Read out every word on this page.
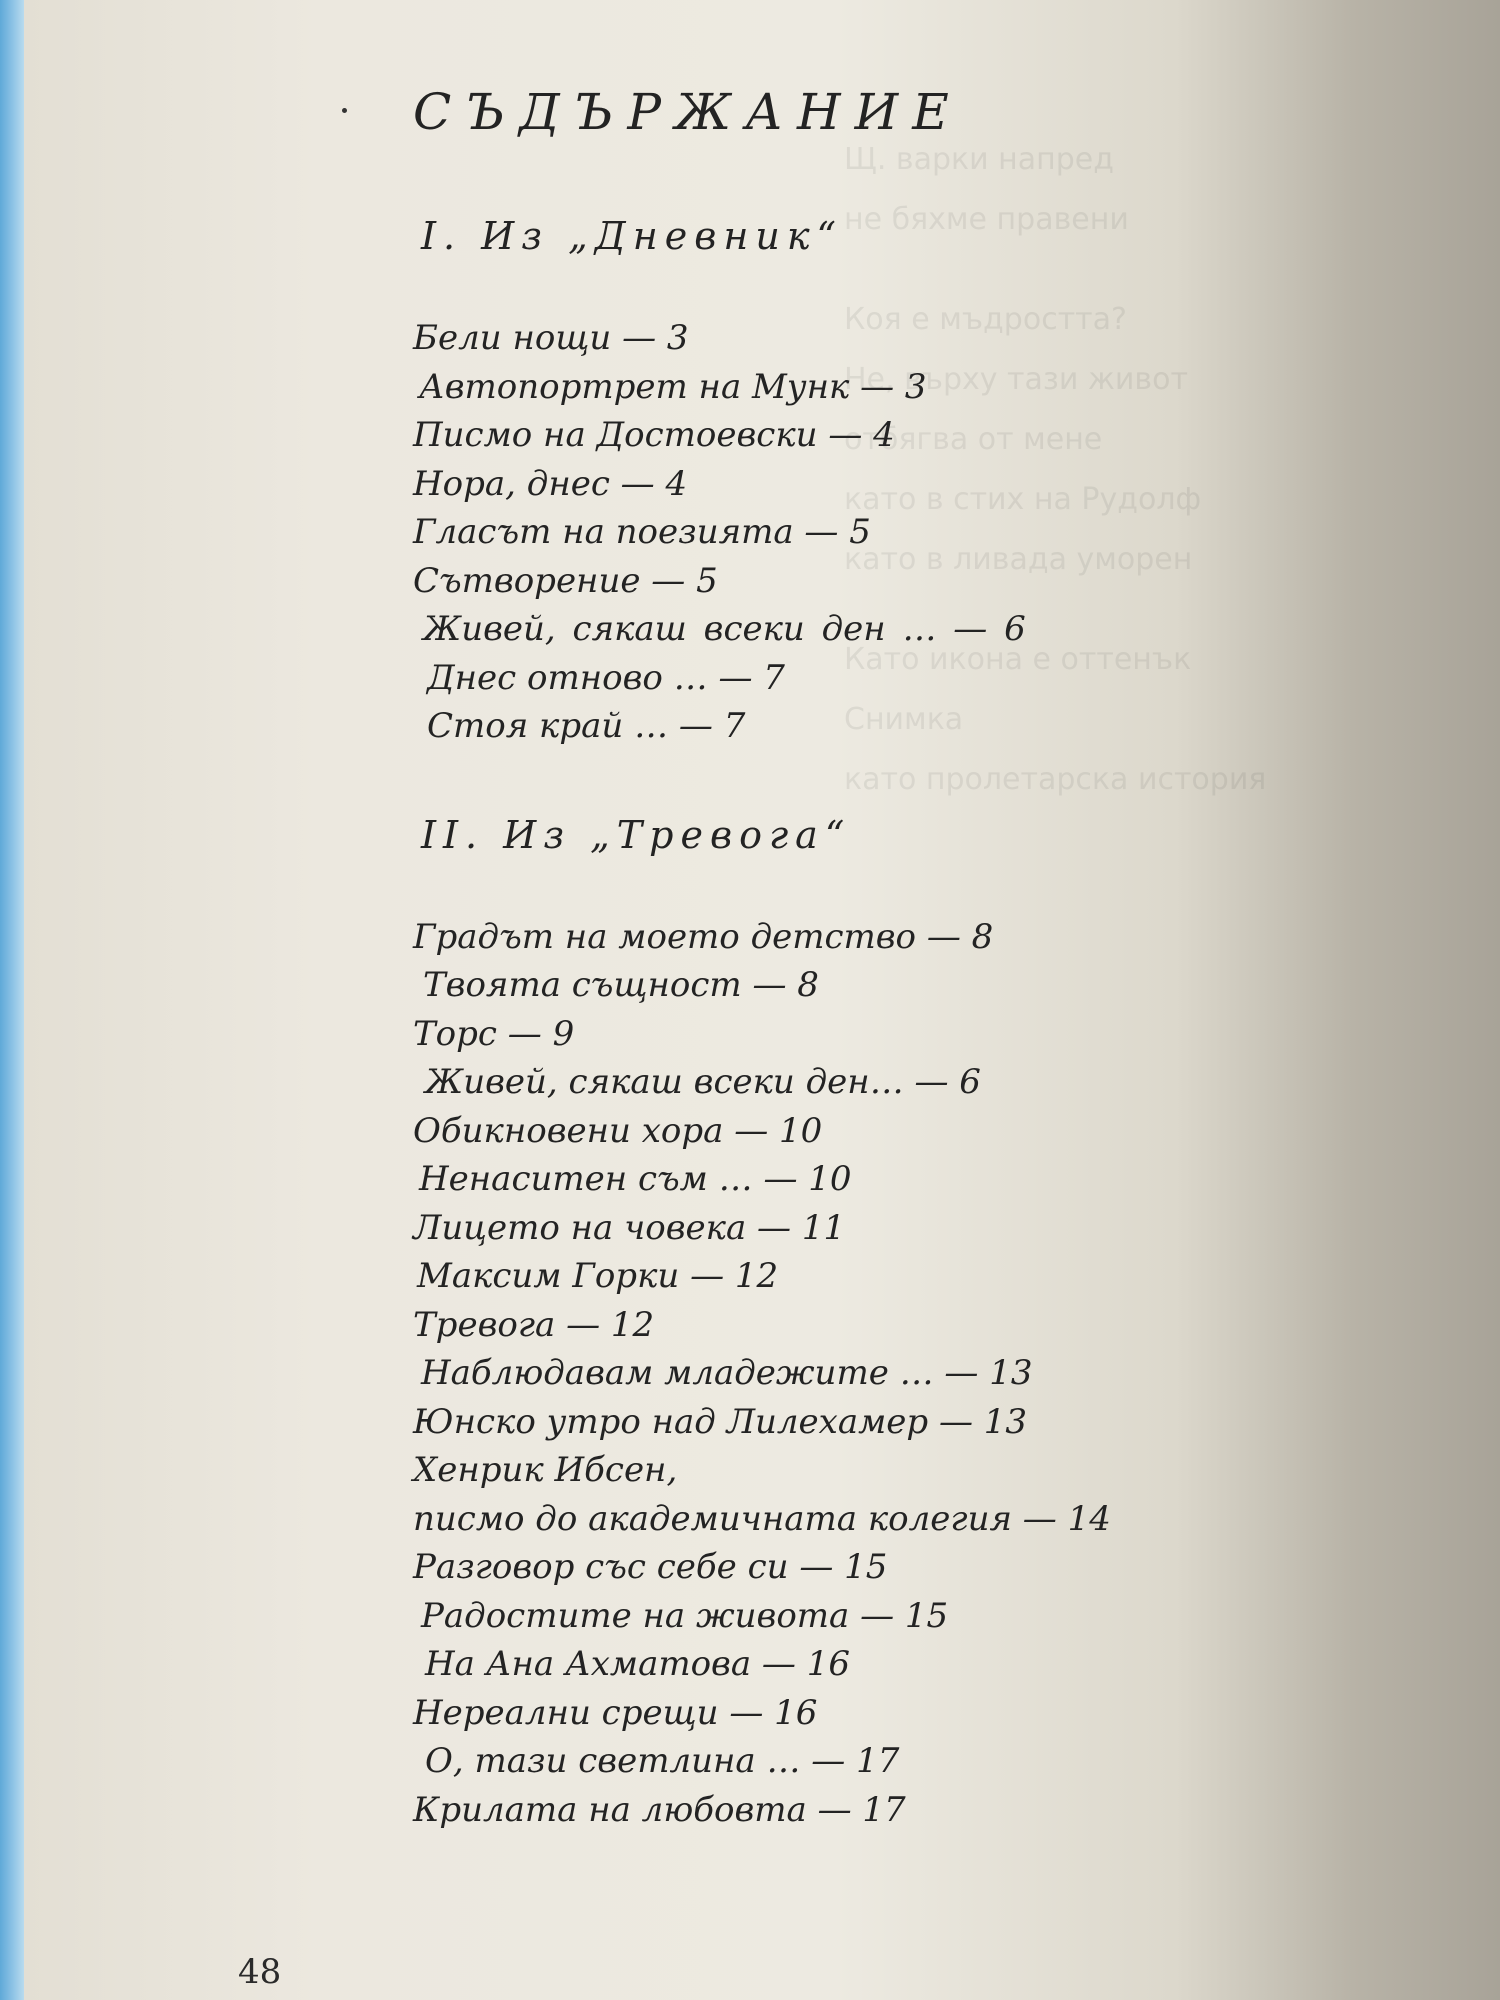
Щ. варки напред
не бяхме правени
Коя е мъдростта?
Не, върху тази живот
отбягва от мене
като в стих на Рудолф
като в ливада уморен
Като икона е оттенък
Снимка
като пролетарска история
СЪДЪРЖАНИЕ
I. Из „Дневник“
Бели нощи — 3
Автопортрет на Мунк — 3
Писмо на Достоевски — 4
Нора, днес — 4
Гласът на поезията — 5
Сътворение — 5
Живей, сякаш всеки ден … — 6
Днес отново … — 7
Стоя край … — 7
II. Из „Тревога“
Градът на моето детство — 8
Твоята същност — 8
Торс — 9
Живей, сякаш всеки ден… — 6
Обикновени хора — 10
Ненаситен съм … — 10
Лицето на човека — 11
Максим Горки — 12
Тревога — 12
Наблюдавам младежите … — 13
Юнско утро над Лилехамер — 13
Хенрик Ибсен,
писмо до академичната колегия — 14
Разговор със себе си — 15
Радостите на живота — 15
На Ана Ахматова — 16
Нереални срещи — 16
О, тази светлина … — 17
Крилата на любовта — 17
48
